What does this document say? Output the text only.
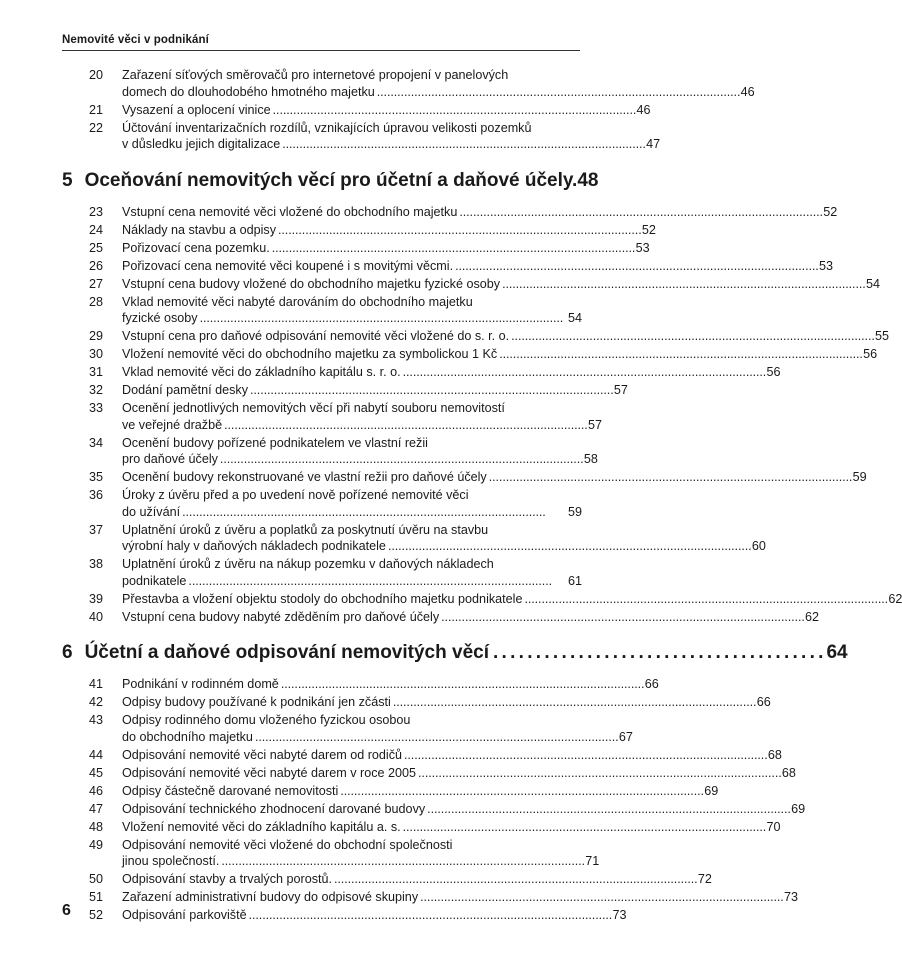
Nemovité věci v podnikání
20	Zařazení síťových směrovačů pro internetové propojení v panelových
domech do dlouhodobého hmotného majetku . . .	46
21	Vysazení a oplocení vinice . . .	46
22	Účtování inventarizačních rozdílů, vznikajících úpravou velikosti pozemků
v důsledku jejich digitalizace . . .	47
5 Oceňování nemovitých věcí pro účetní a daňové účely. 48
23	Vstupní cena nemovité věci vložené do obchodního majetku . . .	52
24	Náklady na stavbu a odpisy . . .	52
25	Pořizovací cena pozemku. . . .	53
26	Pořizovací cena nemovité věci koupené i s movitými věcmi. . . .	53
27	Vstupní cena budovy vložené do obchodního majetku fyzické osoby . . .	54
28	Vklad nemovité věci nabyté darováním do obchodního majetku
fyzické osoby . . .	54
29	Vstupní cena pro daňové odpisování nemovité věci vložené do s. r. o. . . .	55
30	Vložení nemovité věci do obchodního majetku za symbolickou 1 Kč . . .	56
31	Vklad nemovité věci do základního kapitálu s. r. o. . . .	56
32	Dodání pamětní desky . . .	57
33	Ocenění jednotlivých nemovitých věcí při nabytí souboru nemovitostí
ve veřejné dražbě . . .	57
34	Ocenění budovy pořízené podnikatelem ve vlastní režii
pro daňové účely . . .	58
35	Ocenění budovy rekonstruované ve vlastní režii pro daňové účely . . .	59
36	Úroky z úvěru před a po uvedení nově pořízené nemovité věci
do užívání . . .	59
37	Uplatnění úroků z úvěru a poplatků za poskytnutí úvěru na stavbu
výrobní haly v daňových nákladech podnikatele . . .	60
38	Uplatnění úroků z úvěru na nákup pozemku v daňových nákladech
podnikatele . . .	61
39	Přestavba a vložení objektu stodoly do obchodního majetku podnikatele . . .	62
40	Vstupní cena budovy nabyté zděděním pro daňové účely . . .	62
6 Účetní a daňové odpisování nemovitých věcí . . .	64
41	Podnikání v rodinném domě . . .	66
42	Odpisy budovy používané k podnikání jen zčásti . . .	66
43	Odpisy rodinného domu vloženého fyzickou osobou
do obchodního majetku . . .	67
44	Odpisování nemovité věci nabyté darem od rodičů . . .	68
45	Odpisování nemovité věci nabyté darem v roce 2005 . . .	68
46	Odpisy částečně darované nemovitosti . . .	69
47	Odpisování technického zhodnocení darované budovy . . .	69
48	Vložení nemovité věci do základního kapitálu a. s. . . .	70
49	Odpisování nemovité věci vložené do obchodní společnosti
jinou společností. . . .	71
50	Odpisování stavby a trvalých porostů. . . .	72
51	Zařazení administrativní budovy do odpisové skupiny . . .	73
52	Odpisování parkoviště . . .	73
6
